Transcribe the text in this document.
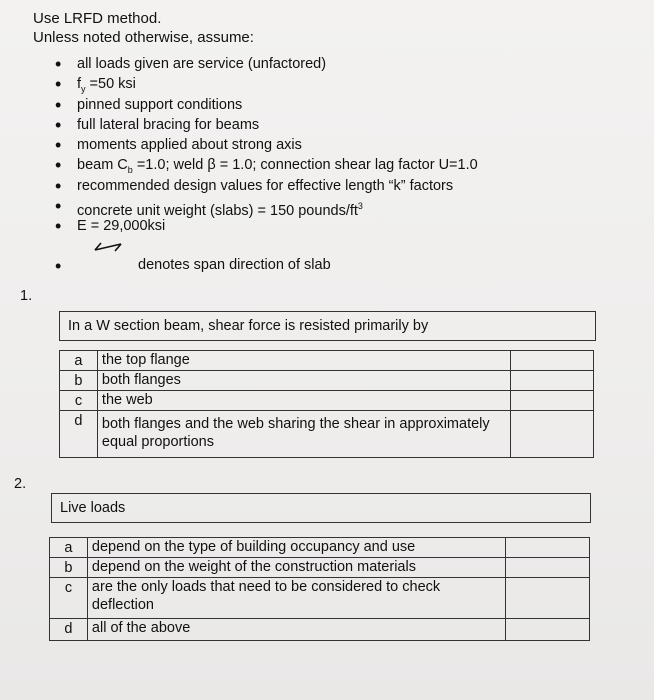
Use LRFD method.
Unless noted otherwise, assume:
• all loads given are service (unfactored)
• $f_y =50$ ksi
• pinned support conditions
• full lateral bracing for beams
• moments applied about strong axis
• beam $C_b =1.0$; weld β = 1.0; connection shear lag factor U=1.0
• recommended design values for effective length “k” factors
• concrete unit weight (slabs) = 150 pounds/$ft^3$
• E = 29,000ksi
•	denotes span direction of slab
1.
In a W section beam, shear force is resisted primarily by
a	the top flange	
b	both flanges	
c	the web	
d	both flanges and the web sharing the shear in approximately equal proportions	
2.
Live loads
a	depend on the type of building occupancy and use	
b	depend on the weight of the construction materials	
c	are the only loads that need to be considered to check deflection	
d	all of the above	
